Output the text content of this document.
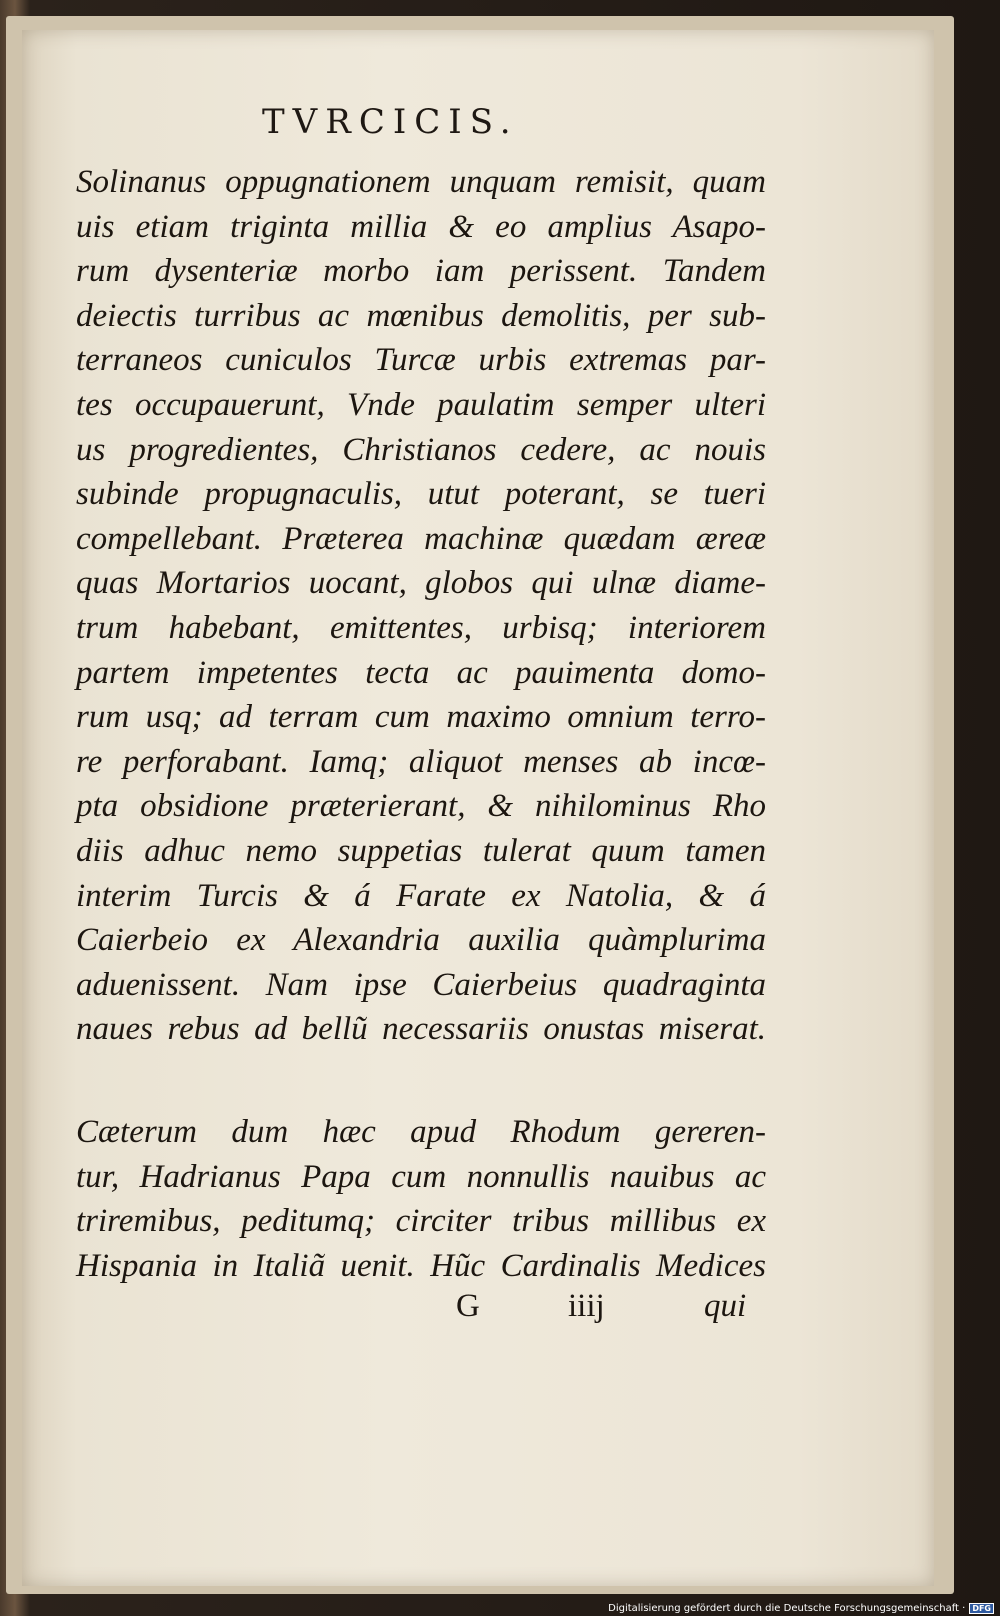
TVRCICIS.
Solinanus oppugnationem unquam remisit, quam
uis etiam triginta millia & eo amplius Asapo-
rum dysenteriæ morbo iam perissent. Tandem
deiectis turribus ac mœnibus demolitis, per sub-
terraneos cuniculos Turcæ urbis extremas par-
tes occupauerunt, Vnde paulatim semper ulteri
us progredientes, Christianos cedere, ac nouis
subinde propugnaculis, utut poterant, se tueri
compellebant. Præterea machinæ quædam æreæ
quas Mortarios uocant, globos qui ulnæ diame-
trum habebant, emittentes, urbisq; interiorem
partem impetentes tecta ac pauimenta domo-
rum usq; ad terram cum maximo omnium terro-
re perforabant. Iamq; aliquot menses ab incœ-
pta obsidione præterierant, & nihilominus Rho
diis adhuc nemo suppetias tulerat quum tamen
interim Turcis & á Farate ex Natolia, & á
Caierbeio ex Alexandria auxilia quàmplurima
aduenissent. Nam ipse Caierbeius quadraginta
naues rebus ad bellũ necessariis onustas miserat.
Cæterum dum hæc apud Rhodum gereren-
tur, Hadrianus Papa cum nonnullis nauibus ac
triremibus, peditumq; circiter tribus millibus ex
Hispania in Italiã uenit. Hũc Cardinalis Medices
G	iiij	qui
Digitalisierung gefördert durch die Deutsche Forschungsgemeinschaft · DFG
